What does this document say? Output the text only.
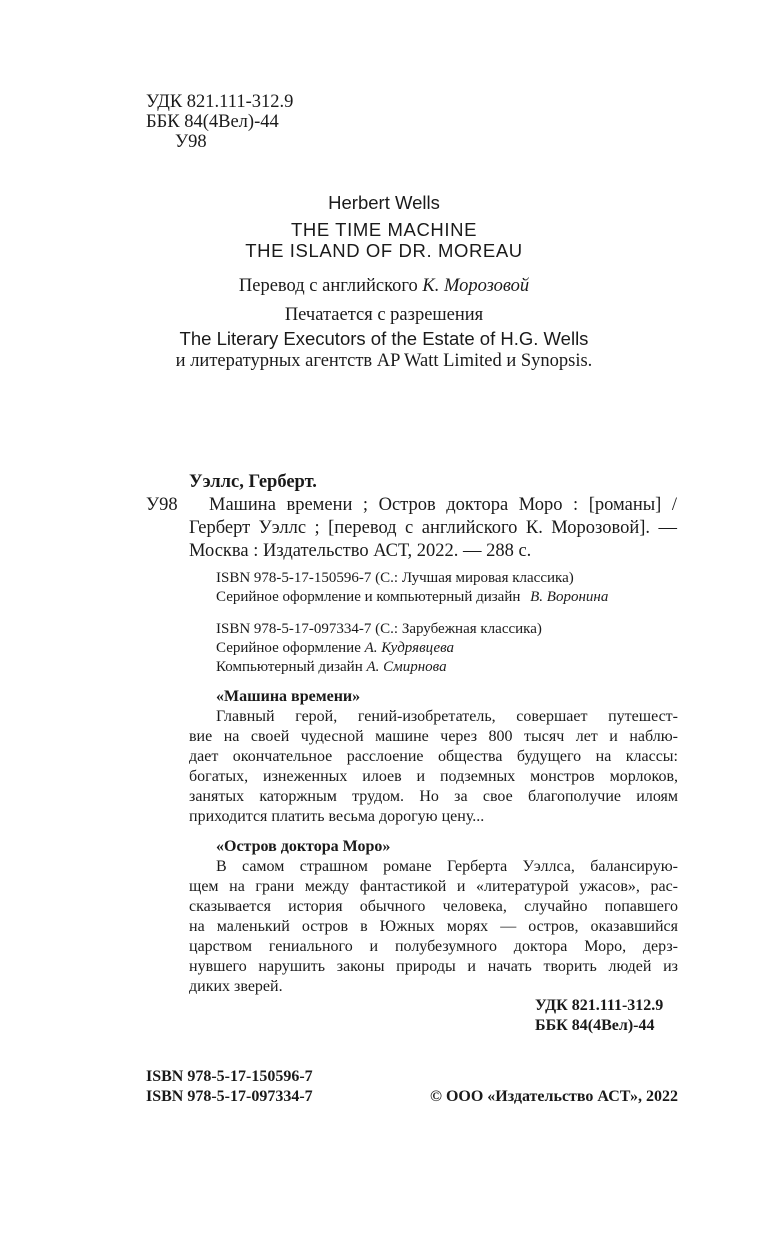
УДК 821.111-312.9
ББК 84(4Вел)-44
У98
Herbert Wells
THE TIME MACHINE
THE ISLAND OF DR. MOREAU
Перевод с английского К. Морозовой
Печатается с разрешения
The Literary Executors of the Estate of H.G. Wells
и литературных агентств AP Watt Limited и Synopsis.
Уэллс, Герберт.
У98 Машина времени ; Остров доктора Моро : [романы] /
Герберт Уэллс ; [перевод с английского К. Морозовой]. —
Москва : Издательство АСТ, 2022. — 288 с.
ISBN 978-5-17-150596-7 (С.: Лучшая мировая классика)
Серийное оформление и компьютерный дизайн В. Воронина
ISBN 978-5-17-097334-7 (С.: Зарубежная классика)
Серийное оформление А. Кудрявцева
Компьютерный дизайн А. Смирнова
«Машина времени»
Главный герой, гений-изобретатель, совершает путешест-
вие на своей чудесной машине через 800 тысяч лет и наблю-
дает окончательное расслоение общества будущего на классы:
богатых, изнеженных илоев и подземных монстров морлоков,
занятых каторжным трудом. Но за свое благополучие илоям
приходится платить весьма дорогую цену...
«Остров доктора Моро»
В самом страшном романе Герберта Уэллса, балансирую-
щем на грани между фантастикой и «литературой ужасов», рас-
сказывается история обычного человека, случайно попавшего
на маленький остров в Южных морях — остров, оказавшийся
царством гениального и полубезумного доктора Моро, дерз-
нувшего нарушить законы природы и начать творить людей из
диких зверей.
УДК 821.111-312.9
ББК 84(4Вел)-44
ISBN 978-5-17-150596-7
ISBN 978-5-17-097334-7	© ООО «Издательство АСТ», 2022
